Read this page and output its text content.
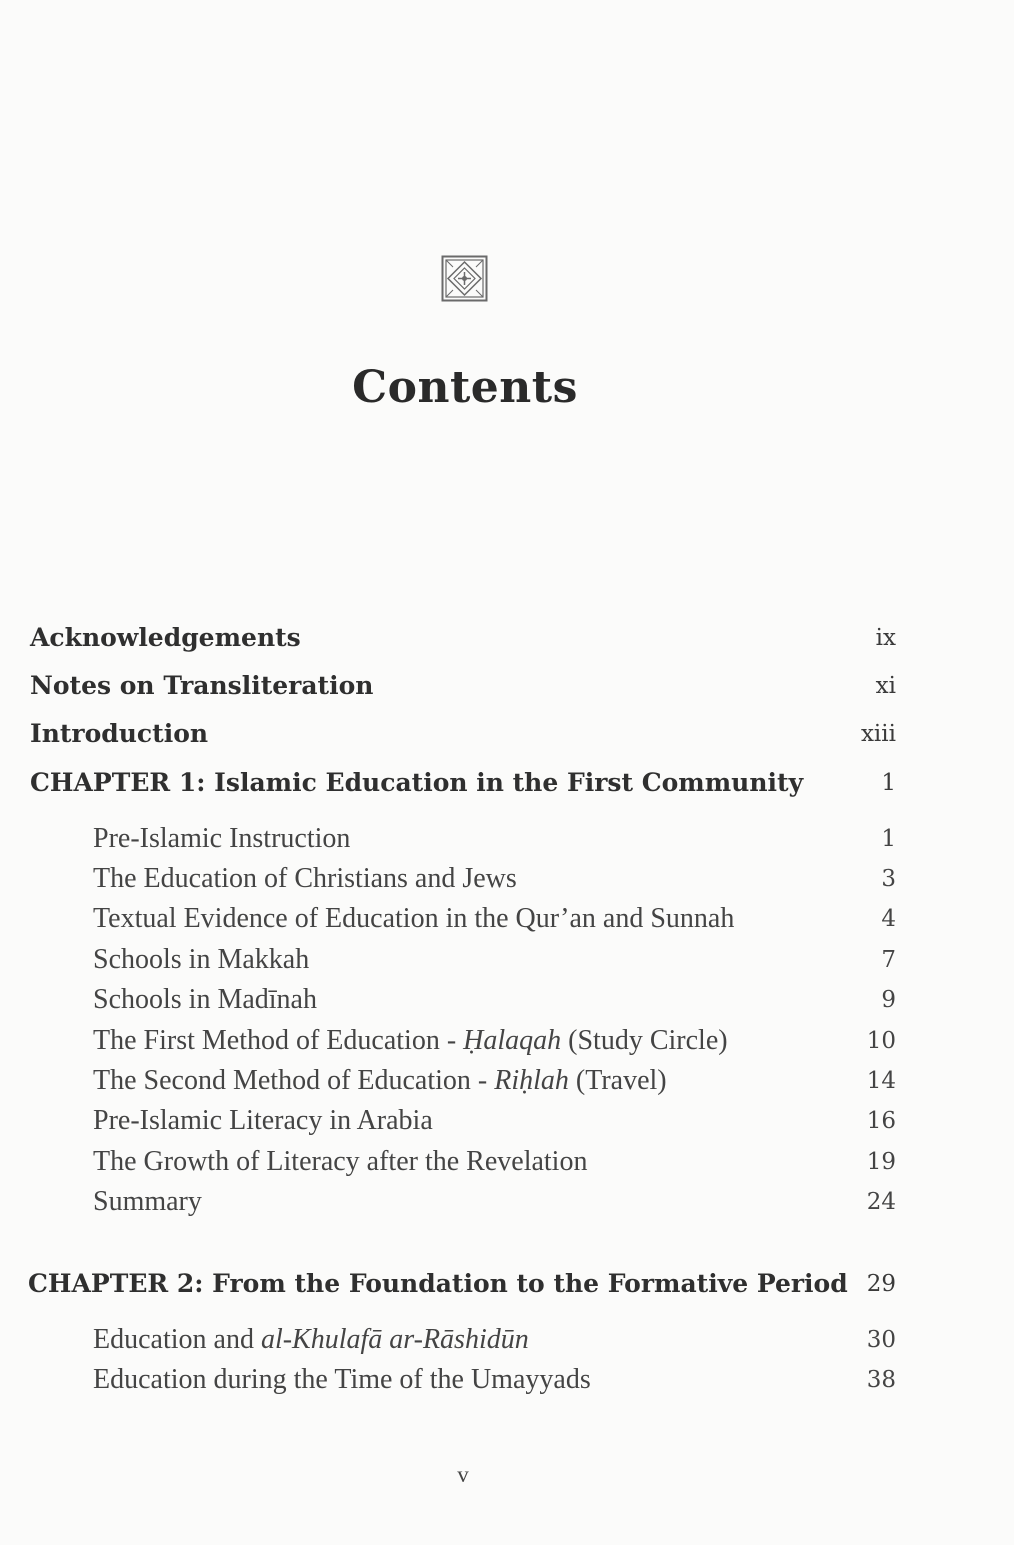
Contents
Acknowledgements	ix
Notes on Transliteration	xi
Introduction	xiii
CHAPTER 1: Islamic Education in the First Community	1
Pre-Islamic Instruction	1
The Education of Christians and Jews	3
Textual Evidence of Education in the Qur’an and Sunnah	4
Schools in Makkah	7
Schools in Madīnah	9
The First Method of Education - Ḥalaqah (Study Circle)	10
The Second Method of Education - Riḥlah (Travel)	14
Pre-Islamic Literacy in Arabia	16
The Growth of Literacy after the Revelation	19
Summary	24
CHAPTER 2: From the Foundation to the Formative Period 29
Education and al-Khulafā ar-Rāshidūn	30
Education during the Time of the Umayyads	38
v
